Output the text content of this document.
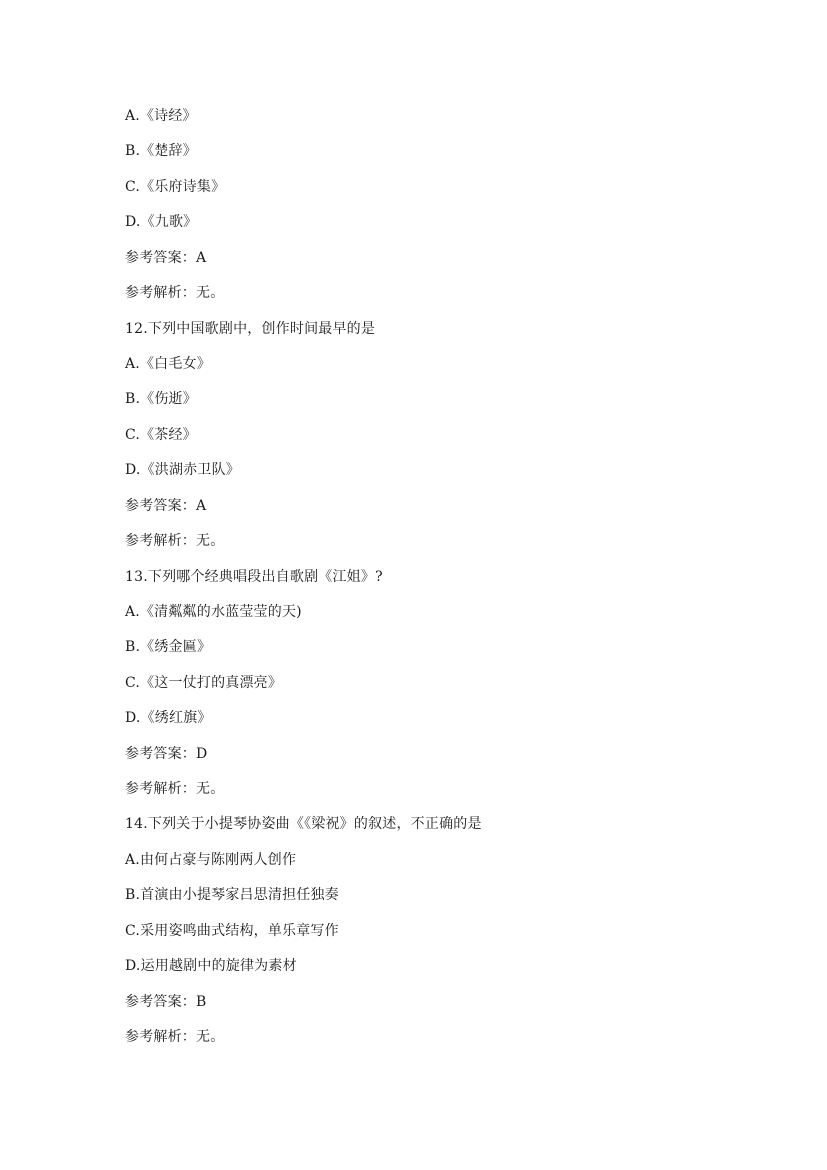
A.《诗经》
B.《楚辞》
C.《乐府诗集》
D.《九歌》
参考答案：A
参考解析：无。
12.下列中国歌剧中，创作时间最早的是
A.《白毛女》
B.《伤逝》
C.《茶经》
D.《洪湖赤卫队》
参考答案：A
参考解析：无。
13.下列哪个经典唱段出自歌剧《江姐》?
A.《清粼粼的水蓝莹莹的天)
B.《绣金匾》
C.《这一仗打的真漂亮》
D.《绣红旗》
参考答案：D
参考解析：无。
14.下列关于小提琴协姿曲《《梁祝》的叙述，不正确的是
A.由何占豪与陈刚两人创作
B.首演由小提琴家吕思清担任独奏
C.采用姿鸣曲式结构，单乐章写作
D.运用越剧中的旋律为素材
参考答案：B
参考解析：无。
